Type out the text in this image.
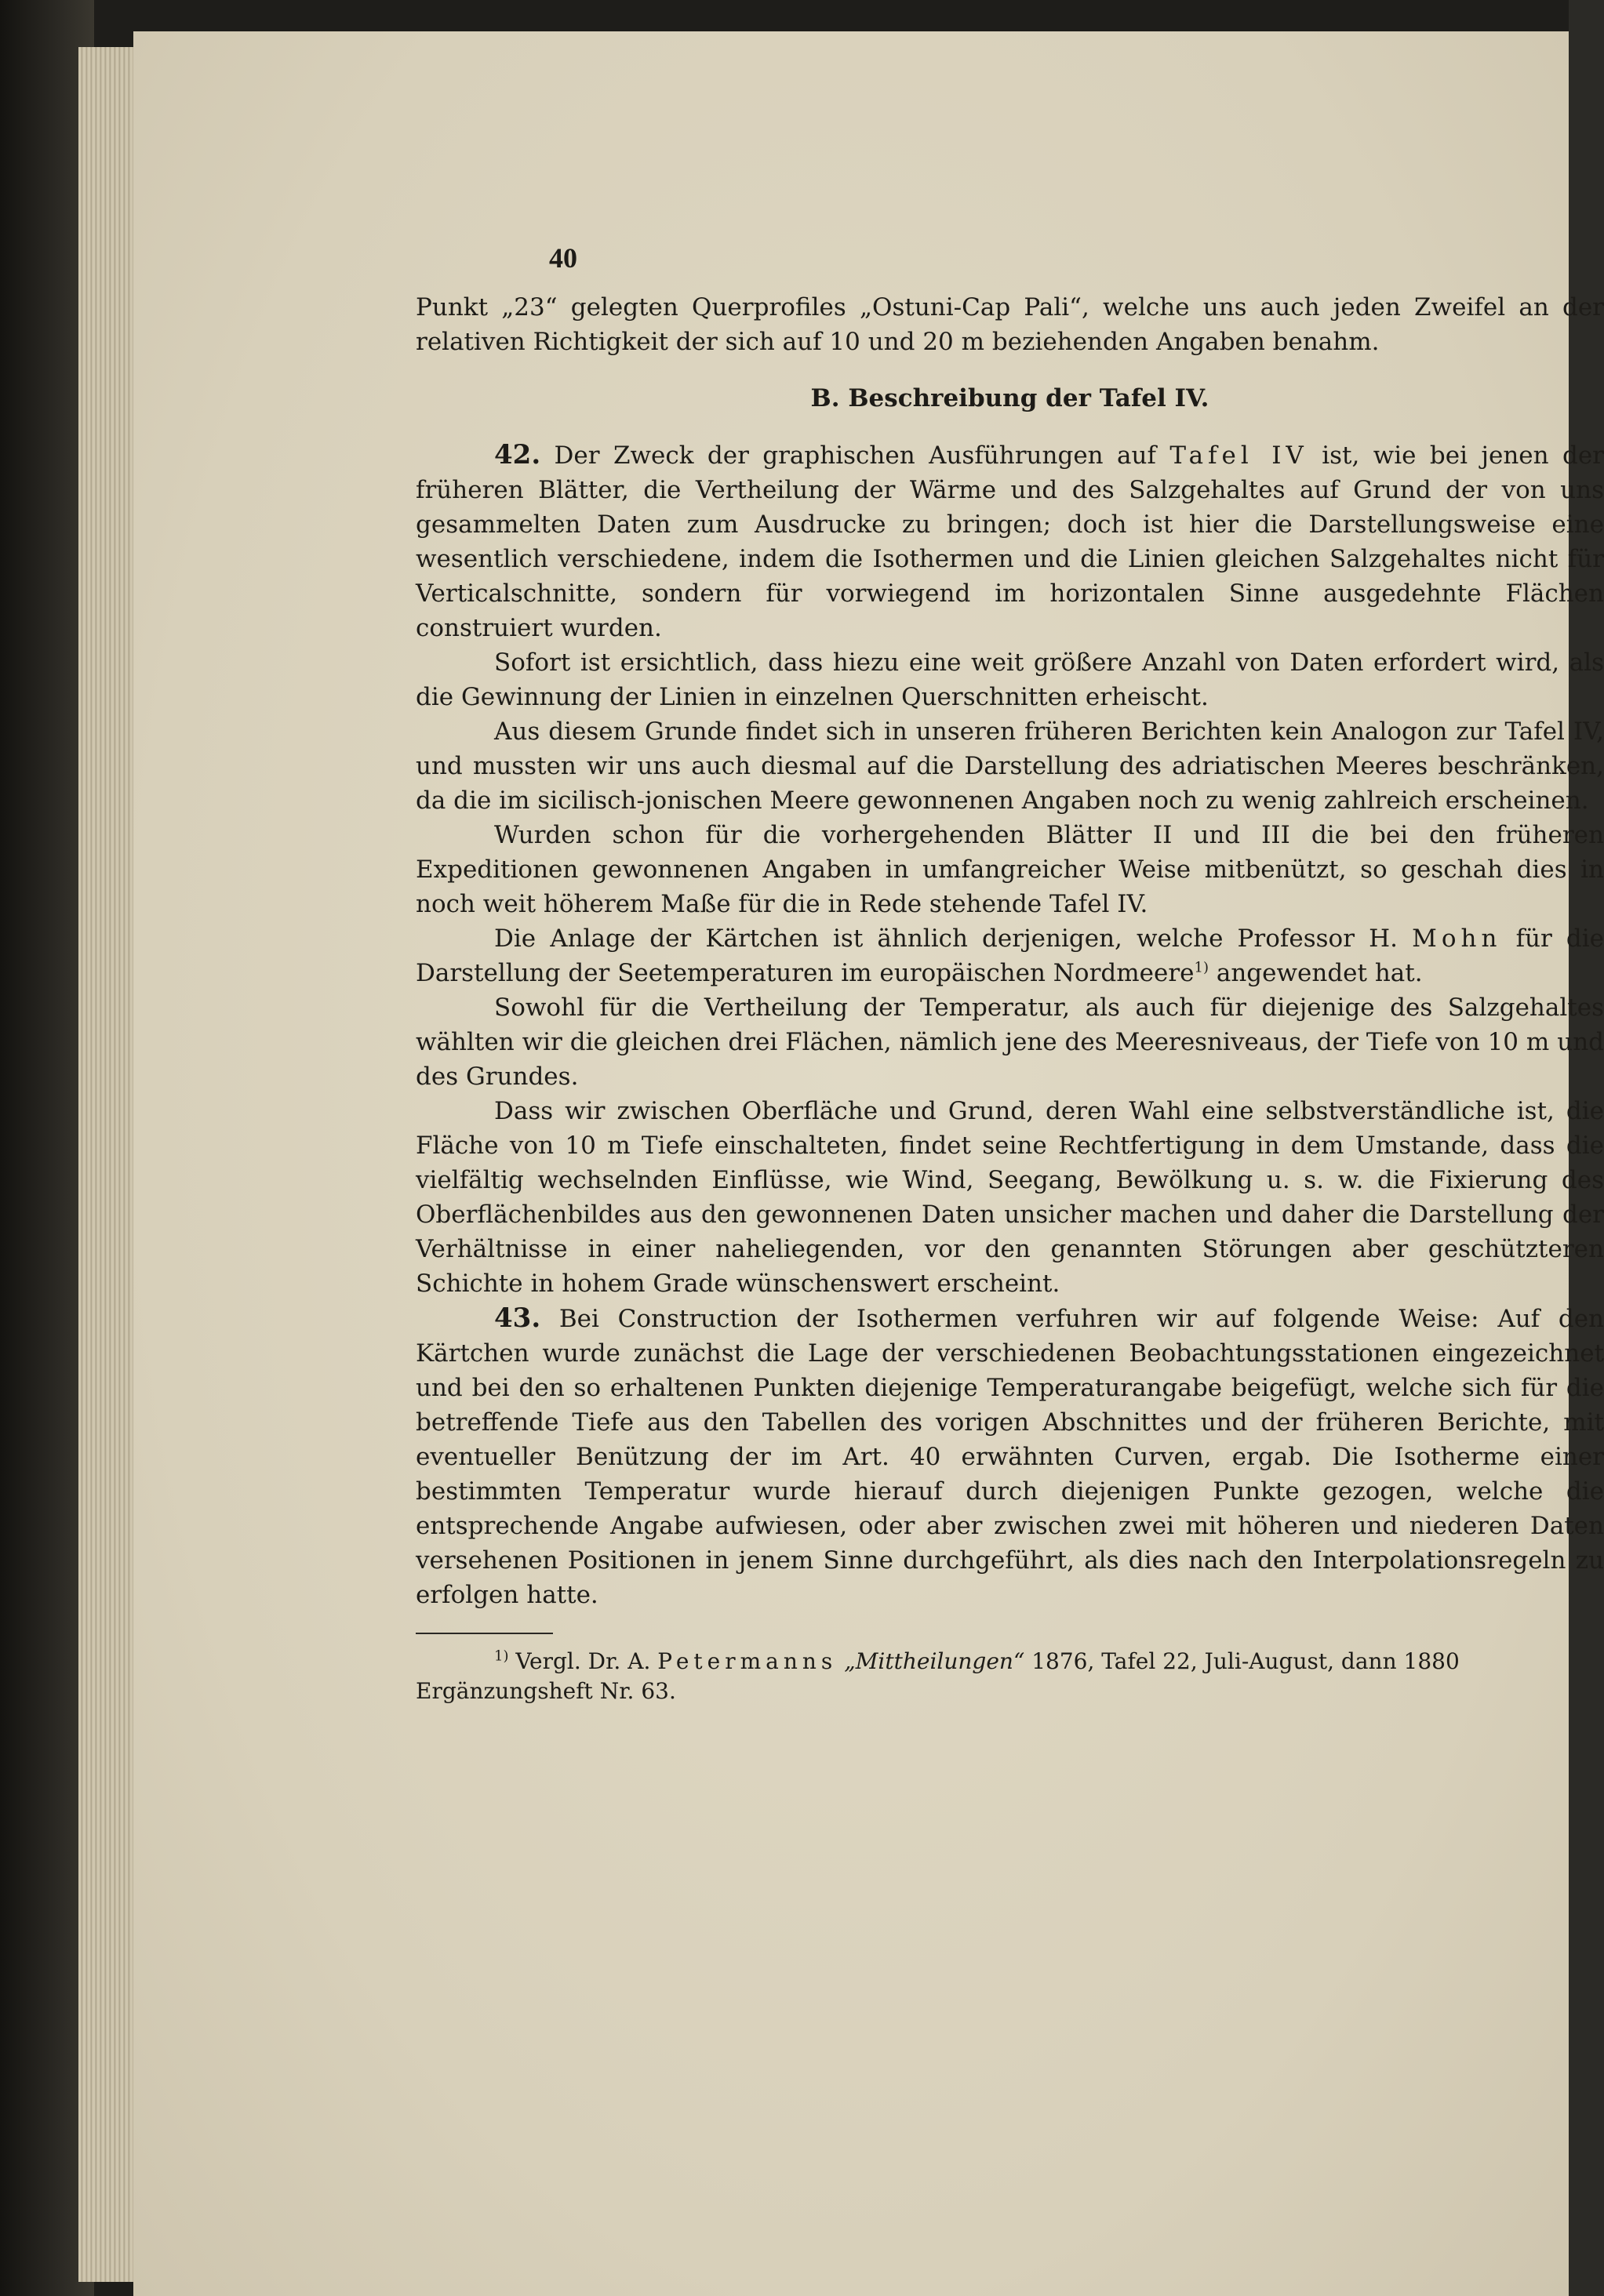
40

Punkt „23“ gelegten Querprofiles „Ostuni-Cap Pali“, welche uns auch jeden Zweifel an der relativen Richtigkeit der sich auf 10 und 20 m beziehenden Angaben benahm.

B. Beschreibung der Tafel IV.

42. Der Zweck der graphischen Ausführungen auf Tafel IV ist, wie bei jenen der früheren Blätter, die Vertheilung der Wärme und des Salzgehaltes auf Grund der von uns gesammelten Daten zum Ausdrucke zu bringen; doch ist hier die Darstellungsweise eine wesentlich verschiedene, indem die Isothermen und die Linien gleichen Salzgehaltes nicht für Verticalschnitte, sondern für vorwiegend im horizontalen Sinne ausgedehnte Flächen construiert wurden.

Sofort ist ersichtlich, dass hiezu eine weit größere Anzahl von Daten erfordert wird, als die Gewinnung der Linien in einzelnen Querschnitten erheischt.

Aus diesem Grunde findet sich in unseren früheren Berichten kein Analogon zur Tafel IV, und mussten wir uns auch diesmal auf die Darstellung des adriatischen Meeres beschränken, da die im sicilisch-jonischen Meere gewonnenen Angaben noch zu wenig zahlreich erscheinen.

Wurden schon für die vorhergehenden Blätter II und III die bei den früheren Expeditionen gewonnenen Angaben in umfangreicher Weise mitbenützt, so geschah dies in noch weit höherem Maße für die in Rede stehende Tafel IV.

Die Anlage der Kärtchen ist ähnlich derjenigen, welche Professor H. Mohn für die Darstellung der Seetemperaturen im europäischen Nordmeere$^{1)}$ angewendet hat.

Sowohl für die Vertheilung der Temperatur, als auch für diejenige des Salzgehaltes wählten wir die gleichen drei Flächen, nämlich jene des Meeresniveaus, der Tiefe von 10 m und des Grundes.

Dass wir zwischen Oberfläche und Grund, deren Wahl eine selbstverständliche ist, die Fläche von 10 m Tiefe einschalteten, findet seine Rechtfertigung in dem Umstande, dass die vielfältig wechselnden Einflüsse, wie Wind, Seegang, Bewölkung u. s. w. die Fixierung des Oberflächenbildes aus den gewonnenen Daten unsicher machen und daher die Darstellung der Verhältnisse in einer naheliegenden, vor den genannten Störungen aber geschützteren Schichte in hohem Grade wünschenswert erscheint.

43. Bei Construction der Isothermen verfuhren wir auf folgende Weise: Auf den Kärtchen wurde zunächst die Lage der verschiedenen Beobachtungsstationen eingezeichnet und bei den so erhaltenen Punkten diejenige Temperaturangabe beigefügt, welche sich für die betreffende Tiefe aus den Tabellen des vorigen Abschnittes und der früheren Berichte, mit eventueller Benützung der im Art. 40 erwähnten Curven, ergab. Die Isotherme einer bestimmten Temperatur wurde hierauf durch diejenigen Punkte gezogen, welche die entsprechende Angabe aufwiesen, oder aber zwischen zwei mit höheren und niederen Daten versehenen Positionen in jenem Sinne durchgeführt, als dies nach den Interpolationsregeln zu erfolgen hatte.

$^{1)}$ Vergl. Dr. A. Petermanns „Mittheilungen“ 1876, Tafel 22, Juli-August, dann 1880 Ergänzungsheft Nr. 63.
